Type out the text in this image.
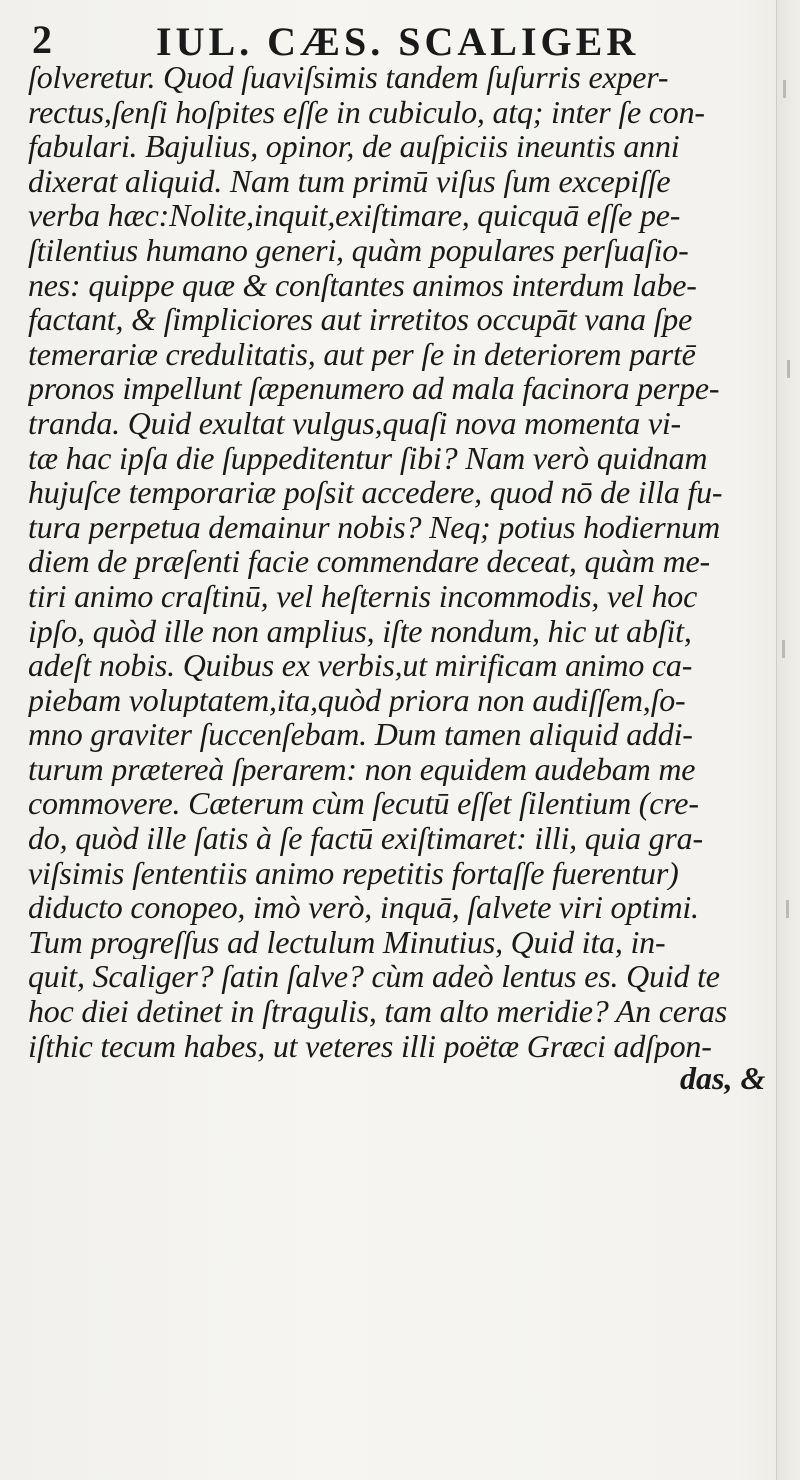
2	IUL. CÆS. SCALIGER
ſolveretur. Quod ſuaviſsimis tandem ſuſurris exper-
rectus,ſenſi hoſpites eſſe in cubiculo, atq; inter ſe con-
fabulari. Bajulius, opinor, de auſpiciis ineuntis anni
dixerat aliquid. Nam tum primū viſus ſum excepiſſe
verba hæc:Nolite,inquit,exiſtimare, quicquā eſſe pe-
ſtilentius humano generi, quàm populares perſuaſio-
nes: quippe quæ & conſtantes animos interdum labe-
factant, & ſimpliciores aut irretitos occupāt vana ſpe
temerariæ credulitatis, aut per ſe in deteriorem partē
pronos impellunt ſæpenumero ad mala facinora perpe-
tranda. Quid exultat vulgus,quaſi nova momenta vi-
tæ hac ipſa die ſuppeditentur ſibi? Nam verò quidnam
hujuſce temporariæ poſsit accedere, quod nō de illa fu-
tura perpetua demainur nobis? Neq; potius hodiernum
diem de præſenti facie commendare deceat, quàm me-
tiri animo craſtinū, vel heſternis incommodis, vel hoc
ipſo, quòd ille non amplius, iſte nondum, hic ut abſit,
adeſt nobis. Quibus ex verbis,ut mirificam animo ca-
piebam voluptatem,ita,quòd priora non audiſſem,ſo-
mno graviter ſuccenſebam. Dum tamen aliquid addi-
turum prætereà ſperarem: non equidem audebam me
commovere. Cæterum cùm ſecutū eſſet ſilentium (cre-
do, quòd ille ſatis à ſe factū exiſtimaret: illi, quia gra-
viſsimis ſententiis animo repetitis fortaſſe fuerentur)
diducto conopeo, imò verò, inquā, ſalvete viri optimi.
Tum progreſſus ad lectulum Minutius, Quid ita, in-
quit, Scaliger? ſatin ſalve? cùm adeò lentus es. Quid te
hoc diei detinet in ſtragulis, tam alto meridie? An ceras
iſthic tecum habes, ut veteres illi poëtæ Græci adſpon-
das, &
